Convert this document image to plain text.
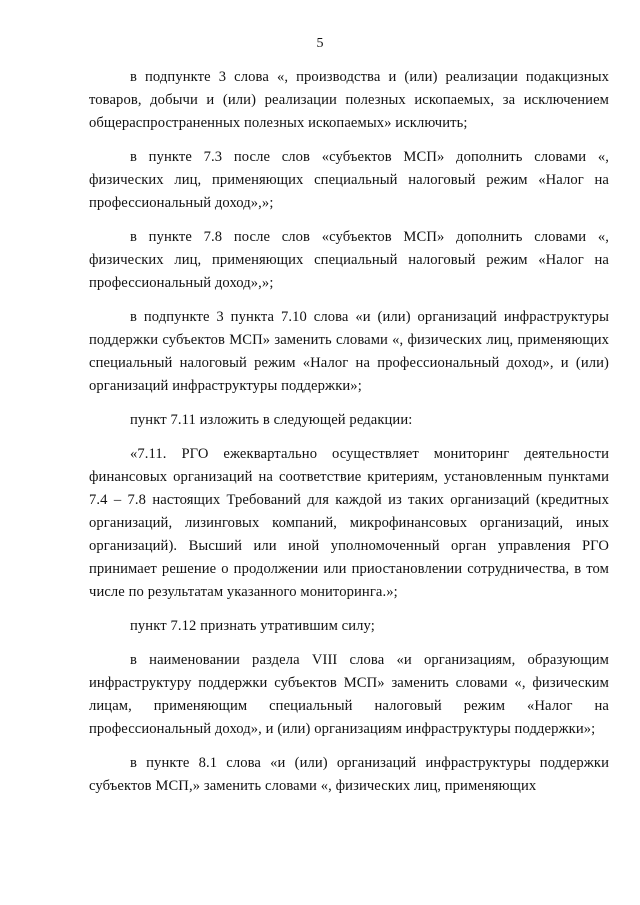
5

в подпункте 3 слова «, производства и (или) реализации подакцизных товаров, добычи и (или) реализации полезных ископаемых, за исключением общераспространенных полезных ископаемых» исключить;

в пункте 7.3 после слов «субъектов МСП» дополнить словами «, физических лиц, применяющих специальный налоговый режим «Налог на профессиональный доход»,»;

в пункте 7.8 после слов «субъектов МСП» дополнить словами «, физических лиц, применяющих специальный налоговый режим «Налог на профессиональный доход»,»;

в подпункте 3 пункта 7.10 слова «и (или) организаций инфраструктуры поддержки субъектов МСП» заменить словами «, физических лиц, применяющих специальный налоговый режим «Налог на профессиональный доход», и (или) организаций инфраструктуры поддержки»;

пункт 7.11 изложить в следующей редакции:

«7.11. РГО ежеквартально осуществляет мониторинг деятельности финансовых организаций на соответствие критериям, установленным пунктами 7.4 – 7.8 настоящих Требований для каждой из таких организаций (кредитных организаций, лизинговых компаний, микрофинансовых организаций, иных организаций). Высший или иной уполномоченный орган управления РГО принимает решение о продолжении или приостановлении сотрудничества, в том числе по результатам указанного мониторинга.»;

пункт 7.12 признать утратившим силу;

в наименовании раздела VIII слова «и организациям, образующим инфраструктуру поддержки субъектов МСП» заменить словами «, физическим лицам, применяющим специальный налоговый режим «Налог на профессиональный доход», и (или) организациям инфраструктуры поддержки»;

в пункте 8.1 слова «и (или) организаций инфраструктуры поддержки субъектов МСП,» заменить словами «, физических лиц, применяющих
